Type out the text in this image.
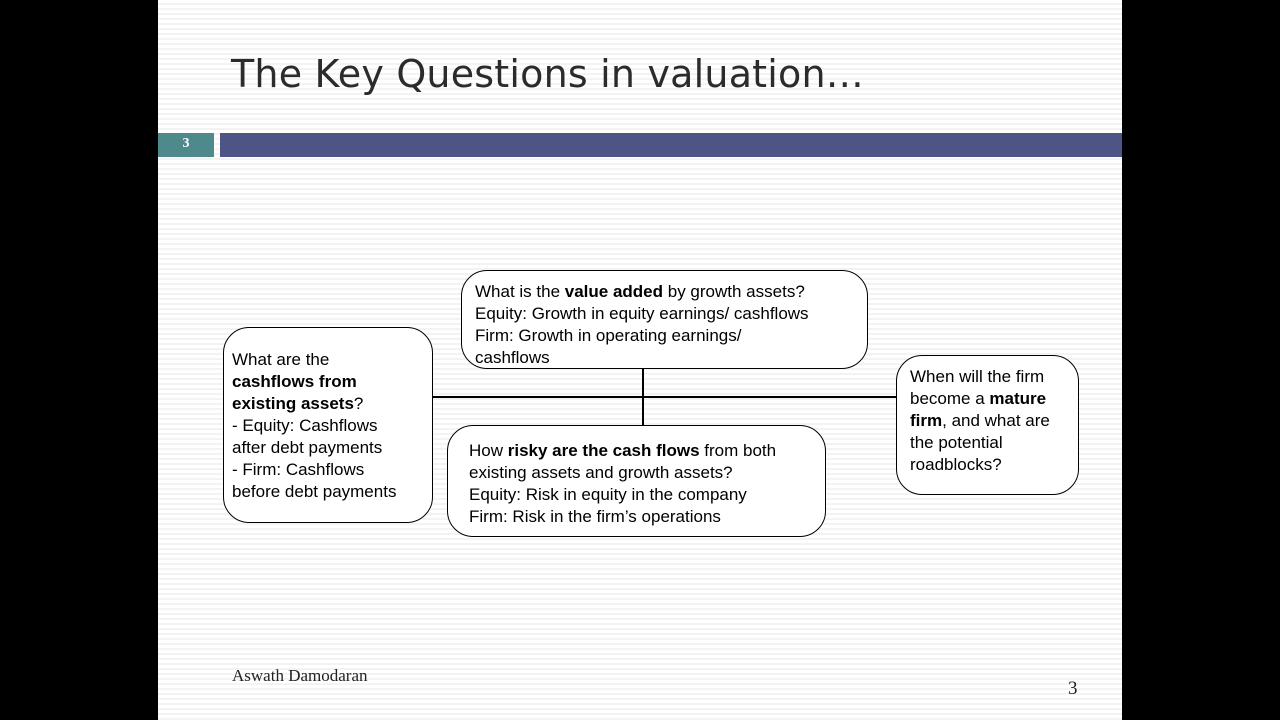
The Key Questions in valuation…
3
What are the
cashflows from
existing assets?
- Equity: Cashflows
after debt payments
- Firm: Cashflows
before debt payments
What is the value added by growth assets?
Equity: Growth in equity earnings/ cashflows
Firm: Growth in operating earnings/
cashflows
How risky are the cash flows from both
existing assets and growth assets?
Equity: Risk in equity in the company
Firm: Risk in the firm’s operations
When will the firm
become a mature
firm, and what are
the potential
roadblocks?
Aswath Damodaran
3
